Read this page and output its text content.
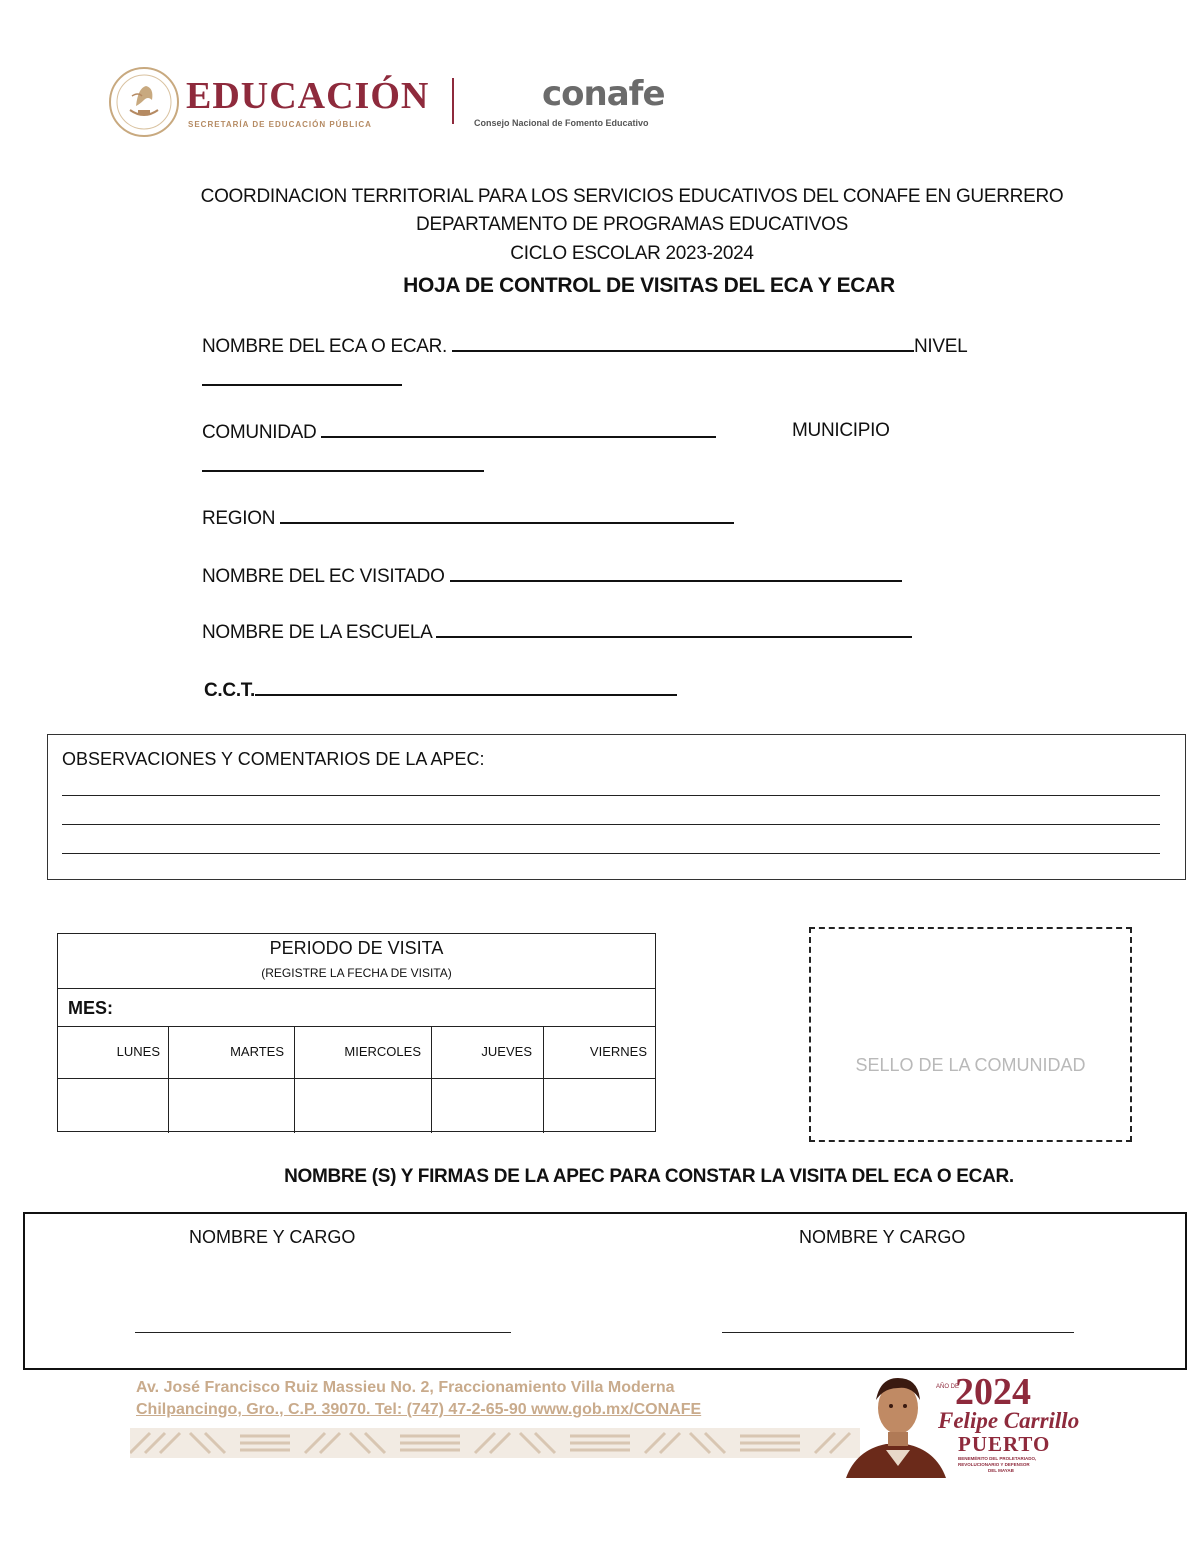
EDUCACIÓN
SECRETARÍA DE EDUCACIÓN PÚBLICA
conafe
Consejo Nacional de Fomento Educativo
COORDINACION TERRITORIAL PARA LOS SERVICIOS EDUCATIVOS DEL CONAFE EN GUERRERO
DEPARTAMENTO DE PROGRAMAS EDUCATIVOS
CICLO ESCOLAR 2023-2024
HOJA DE CONTROL DE VISITAS DEL ECA Y ECAR
NOMBRE DEL ECA O ECAR.	NIVEL
COMUNIDAD	MUNICIPIO
REGION
NOMBRE DEL EC VISITADO
NOMBRE DE LA ESCUELA
C.C.T.
OBSERVACIONES Y COMENTARIOS DE LA APEC:
PERIODO DE VISITA
(REGISTRE LA FECHA DE VISITA)
MES:
LUNES	MARTES	MIERCOLES	JUEVES	VIERNES
SELLO DE LA COMUNIDAD
NOMBRE (S) Y FIRMAS DE LA APEC PARA CONSTAR LA VISITA DEL ECA O ECAR.
NOMBRE Y CARGO	NOMBRE Y CARGO
Av. José Francisco Ruiz Massieu No. 2, Fraccionamiento Villa Moderna
Chilpancingo, Gro., C.P. 39070. Tel: (747) 47-2-65-90 www.gob.mx/CONAFE
AÑO DE
2024
Felipe Carrillo
PUERTO
BENEMÉRITO DEL PROLETARIADO,
REVOLUCIONARIO Y DEFENSOR
DEL MAYAB
